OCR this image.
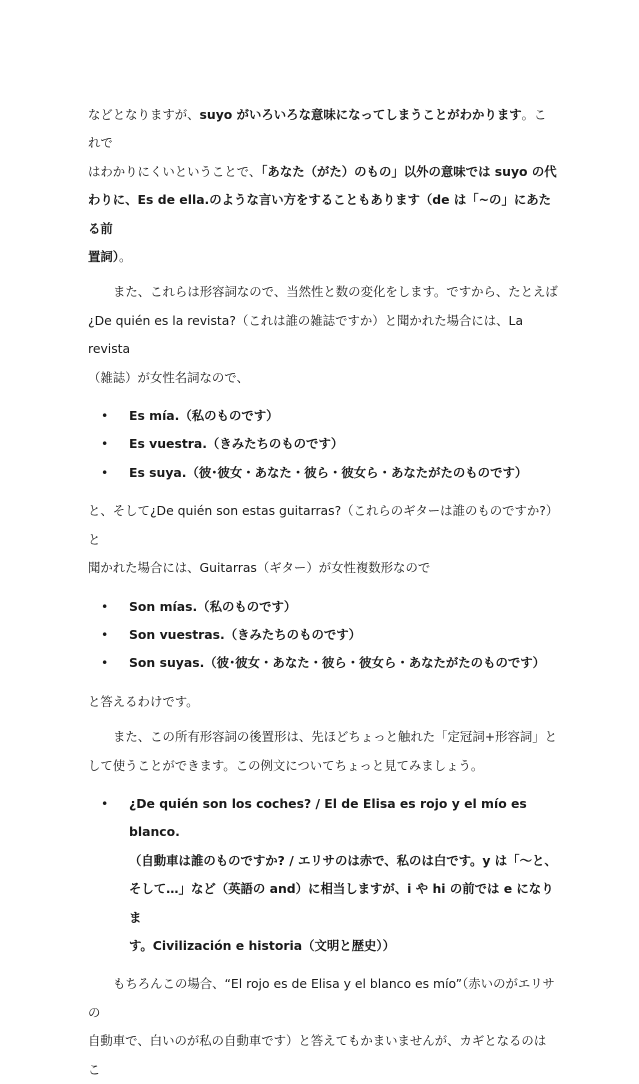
などとなりますが、suyo がいろいろな意味になってしまうことがわかります。これで

はわかりにくいということで、「あなた（がた）のもの」以外の意味では suyo の代

わりに、Es de ella.のような言い方をすることもあります（de は「~の」にあたる前

置詞）。

また、これらは形容詞なので、当然性と数の変化をします。ですから、たとえば

¿De quién es la revista?（これは誰の雑誌ですか）と聞かれた場合には、La revista

（雑誌）が女性名詞なので、

• Es mía.（私のものです）
• Es vuestra.（きみたちのものです）
• Es suya.（彼･彼女・あなた・彼ら・彼女ら・あなたがたのものです）

と、そして¿De quién son estas guitarras?（これらのギターは誰のものですか?）と

聞かれた場合には、Guitarras（ギター）が女性複数形なので

• Son mías.（私のものです）
• Son vuestras.（きみたちのものです）
• Son suyas.（彼･彼女・あなた・彼ら・彼女ら・あなたがたのものです）

と答えるわけです。

また、この所有形容詞の後置形は、先ほどちょっと触れた「定冠詞+形容詞」と

して使うことができます。この例文についてちょっと見てみましょう。

• ¿De quién son los coches? / El de Elisa es rojo y el mío es blanco.
（自動車は誰のものですか? / エリサのは赤で、私のは白です。y は「～と、
そして…」など（英語の and）に相当しますが、i や hi の前では e になりま
す。Civilización e historia（文明と歴史））

もちろんこの場合、“El rojo es de Elisa y el blanco es mío”（赤いのがエリサの

自動車で、白いのが私の自動車です）と答えてもかまいませんが、カギとなるのはこ
